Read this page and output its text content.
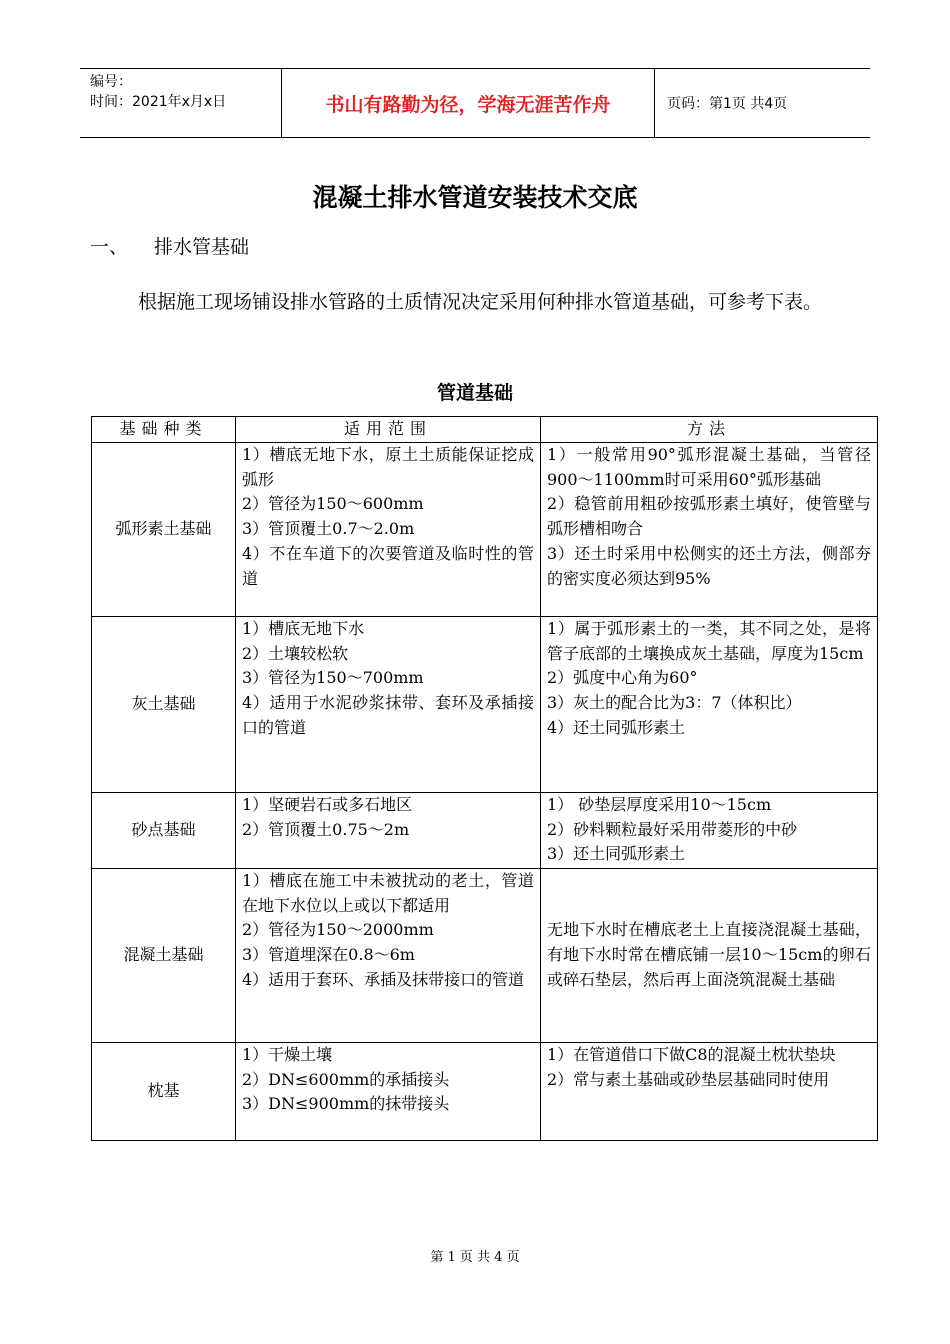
编号：
时间：2021年x月x日	书山有路勤为径，学海无涯苦作舟	页码：第1页 共4页
混凝土排水管道安装技术交底
一、 排水管基础
根据施工现场铺设排水管路的土质情况决定采用何种排水管道基础，可参考下表。
管道基础
基础种类	适用范围	方法
弧形素土基础	1）槽底无地下水，原土土质能保证挖成弧形
2）管径为150～600mm
3）管顶覆土0.7～2.0m
4）不在车道下的次要管道及临时性的管道	1）一般常用90°弧形混凝土基础，当管径900～1100mm时可采用60°弧形基础
2）稳管前用粗砂按弧形素土填好，使管壁与弧形槽相吻合
3）还土时采用中松侧实的还土方法，侧部夯的密实度必须达到95%

灰土基础	1）槽底无地下水
2）土壤较松软
3）管径为150～700mm
4）适用于水泥砂浆抹带、套环及承插接口的管道	1）属于弧形素土的一类，其不同之处，是将管子底部的土壤换成灰土基础，厚度为15cm
2）弧度中心角为60°
3）灰土的配合比为3：7（体积比）
4）还土同弧形素土

砂点基础	1）坚硬岩石或多石地区
2）管顶覆土0.75～2m	1） 砂垫层厚度采用10～15cm
2）砂料颗粒最好采用带菱形的中砂
3）还土同弧形素土

混凝土基础	1）槽底在施工中未被扰动的老土，管道在地下水位以上或以下都适用
2）管径为150～2000mm
3）管道埋深在0.8～6m
4）适用于套环、承插及抹带接口的管道	无地下水时在槽底老土上直接浇混凝土基础，有地下水时常在槽底铺一层10～15cm的卵石或碎石垫层，然后再上面浇筑混凝土基础

枕基	1）干燥土壤
2）DN≤600mm的承插接头
3）DN≤900mm的抹带接头	1）在管道借口下做C8的混凝土枕状垫块
2）常与素土基础或砂垫层基础同时使用
第 1 页 共 4 页
